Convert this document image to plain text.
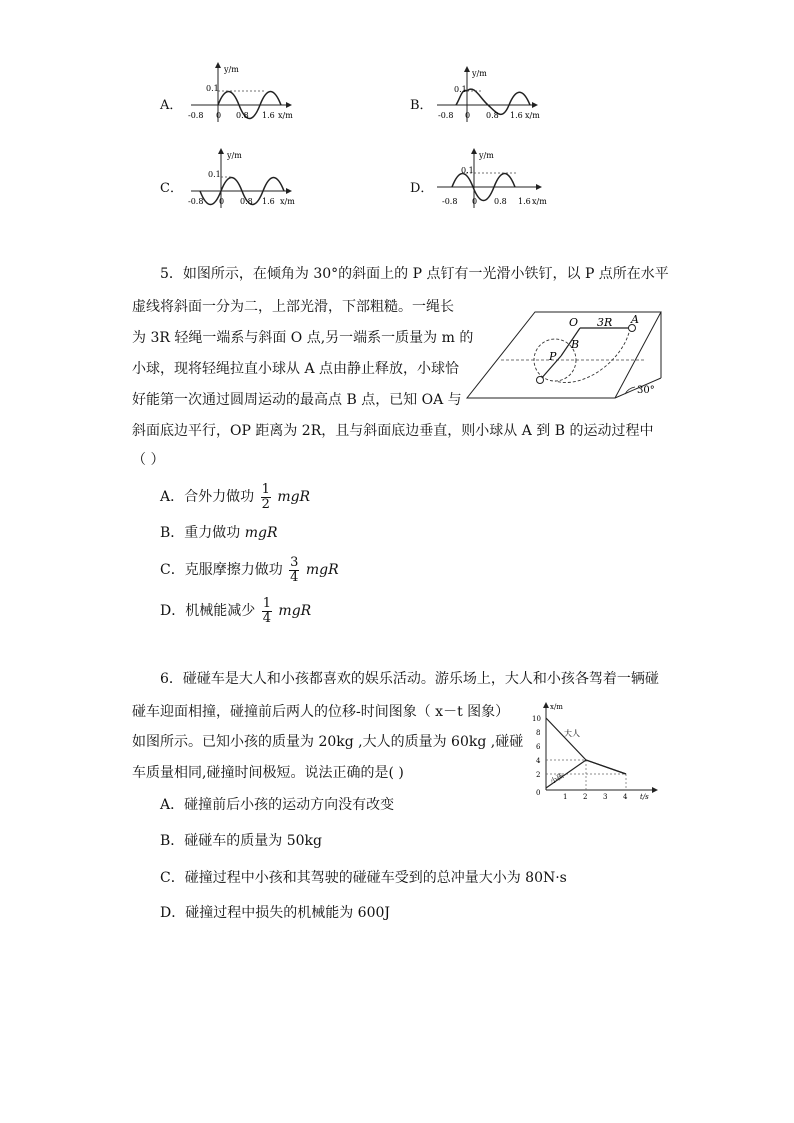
A．
y/m
0.1
-0.8 0 0.8 1.6 x/m
B．
y/m
0.1
-0.8 0 0.8 1.6 x/m
C．
y/m
0.1
-0.8 0 0.8 1.6 x/m
D．
y/m
0.1
-0.8 0 0.8 1.6 x/m
5．如图所示，在倾角为 30°的斜面上的 P 点钉有一光滑小铁钉，以 P 点所在水平
虚线将斜面一分为二，上部光滑，下部粗糙。一绳长
为 3R 轻绳一端系与斜面 O 点,另一端系一质量为 m 的
小球，现将轻绳拉直小球从 A 点由静止释放，小球恰
好能第一次通过圆周运动的最高点 B 点，已知 OA 与
斜面底边平行，OP 距离为 2R，且与斜面底边垂直，则小球从 A 到 B 的运动过程中
（ ）
O 3R A
B
P
30°
A．合外力做功 $\frac{1}{2}$ mgR
B．重力做功 mgR
C．克服摩擦力做功 $\frac{3}{4}$ mgR
D．机械能减少 $\frac{1}{4}$ mgR
6．碰碰车是大人和小孩都喜欢的娱乐活动。游乐场上，大人和小孩各驾着一辆碰
碰车迎面相撞，碰撞前后两人的位移-时间图象（ x－t 图象）
如图所示。已知小孩的质量为 20kg ,大人的质量为 60kg ,碰碰
车质量相同,碰撞时间极短。说法正确的是( )
x/m
10
8
6
4
2
0	1 2 3 4 t/s
大人
小孩
A．碰撞前后小孩的运动方向没有改变
B．碰碰车的质量为 50kg
C．碰撞过程中小孩和其驾驶的碰碰车受到的总冲量大小为 80N·s
D．碰撞过程中损失的机械能为 600J
